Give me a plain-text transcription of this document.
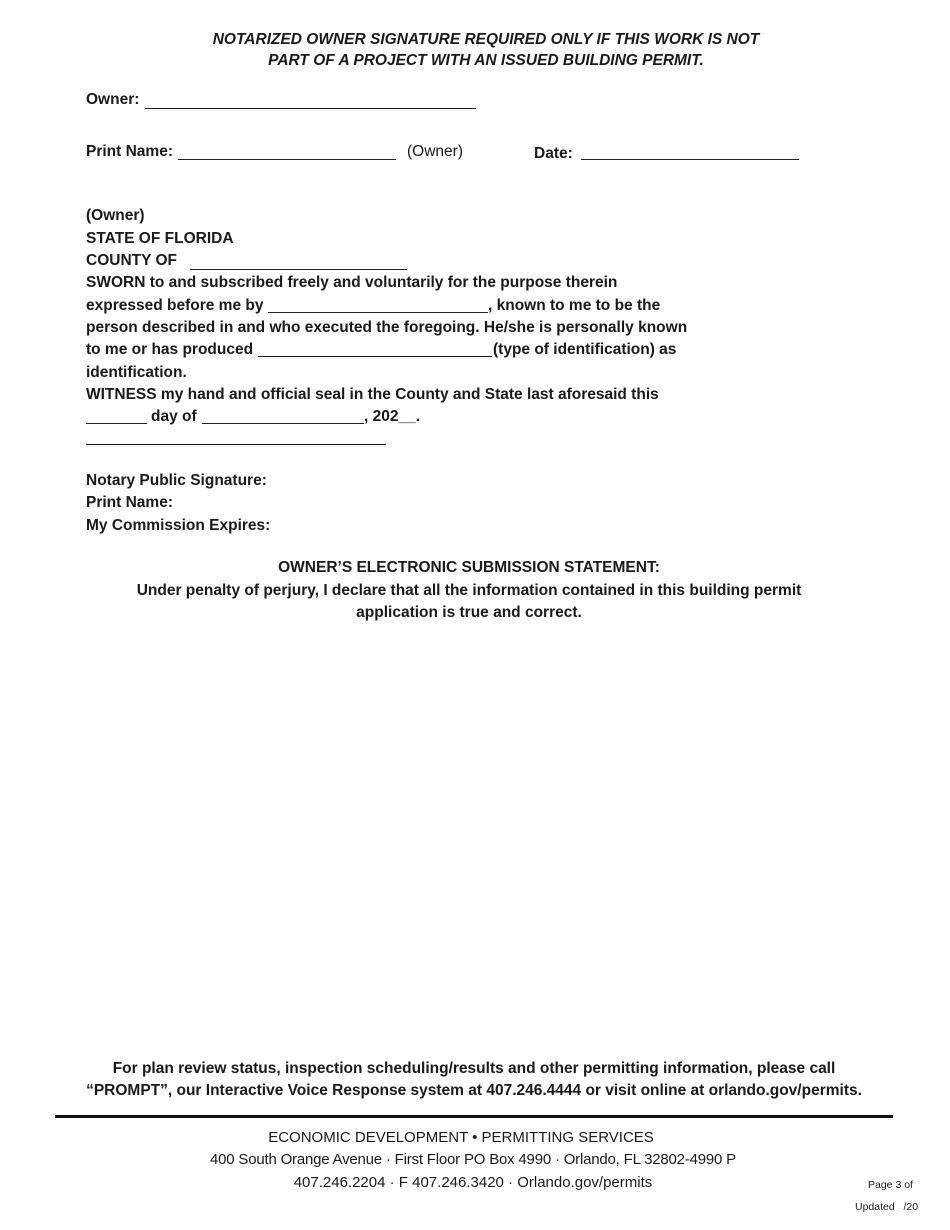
NOTARIZED OWNER SIGNATURE REQUIRED ONLY IF THIS WORK IS NOT
PART OF A PROJECT WITH AN ISSUED BUILDING PERMIT.
Owner:
Print Name:	(Owner)	Date:
(Owner)
STATE OF FLORIDA
COUNTY OF
SWORN to and subscribed freely and voluntarily for the purpose therein
expressed before me by	, known to me to be the
person described in and who executed the foregoing. He/she is personally known
to me or has produced	(type of identification) as
identification.
WITNESS my hand and official seal in the County and State last aforesaid this
day of	, 202__.
Notary Public Signature:
Print Name:
My Commission Expires:
OWNER’S ELECTRONIC SUBMISSION STATEMENT:
Under penalty of perjury, I declare that all the information contained in this building permit
application is true and correct.
For plan review status, inspection scheduling/results and other permitting information, please call
“PROMPT”, our Interactive Voice Response system at 407.246.4444 or visit online at orlando.gov/permits.
ECONOMIC DEVELOPMENT • PERMITTING SERVICES
400 South Orange Avenue · First Floor PO Box 4990 · Orlando, FL 32802-4990 P
407.246.2204 · F 407.246.3420 · Orlando.gov/permits	Page 3 of
Updated   /20
